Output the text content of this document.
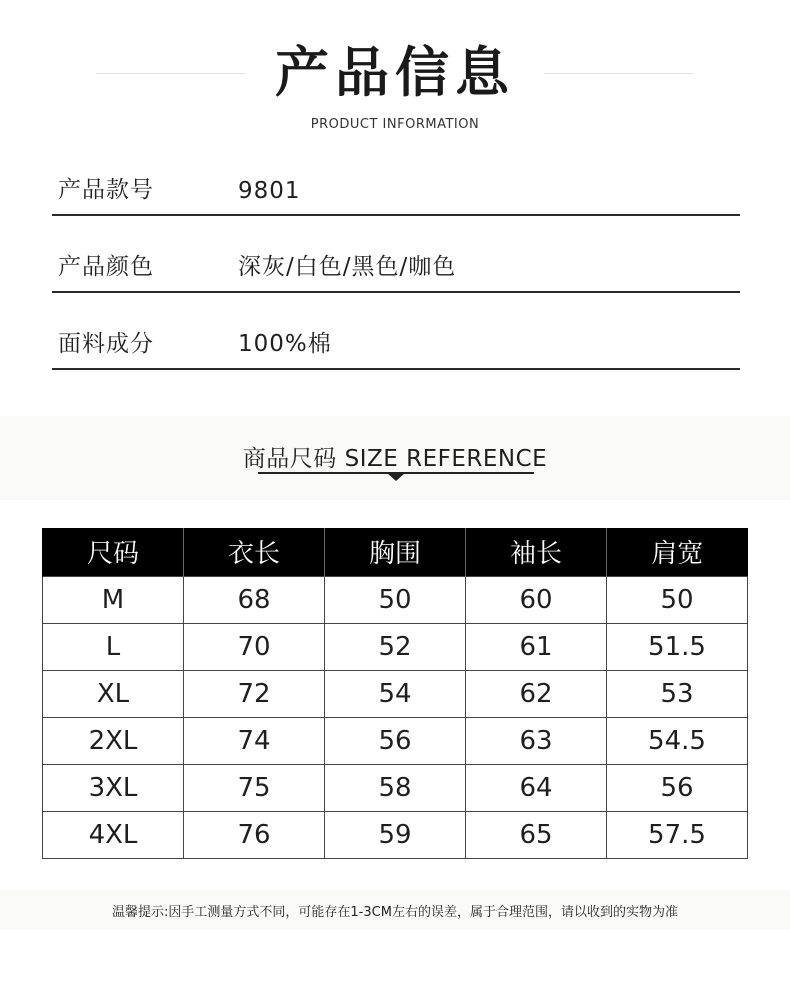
产品信息
PRODUCT INFORMATION
产品款号	9801
产品颜色	深灰/白色/黑色/咖色
面料成分	100%棉
商品尺码 SIZE REFERENCE
尺码	衣长	胸围	袖长	肩宽
M	68	50	60	50
L	70	52	61	51.5
XL	72	54	62	53
2XL	74	56	63	54.5
3XL	75	58	64	56
4XL	76	59	65	57.5
温馨提示:因手工测量方式不同，可能存在1-3CM左右的误差，属于合理范围，请以收到的实物为准
